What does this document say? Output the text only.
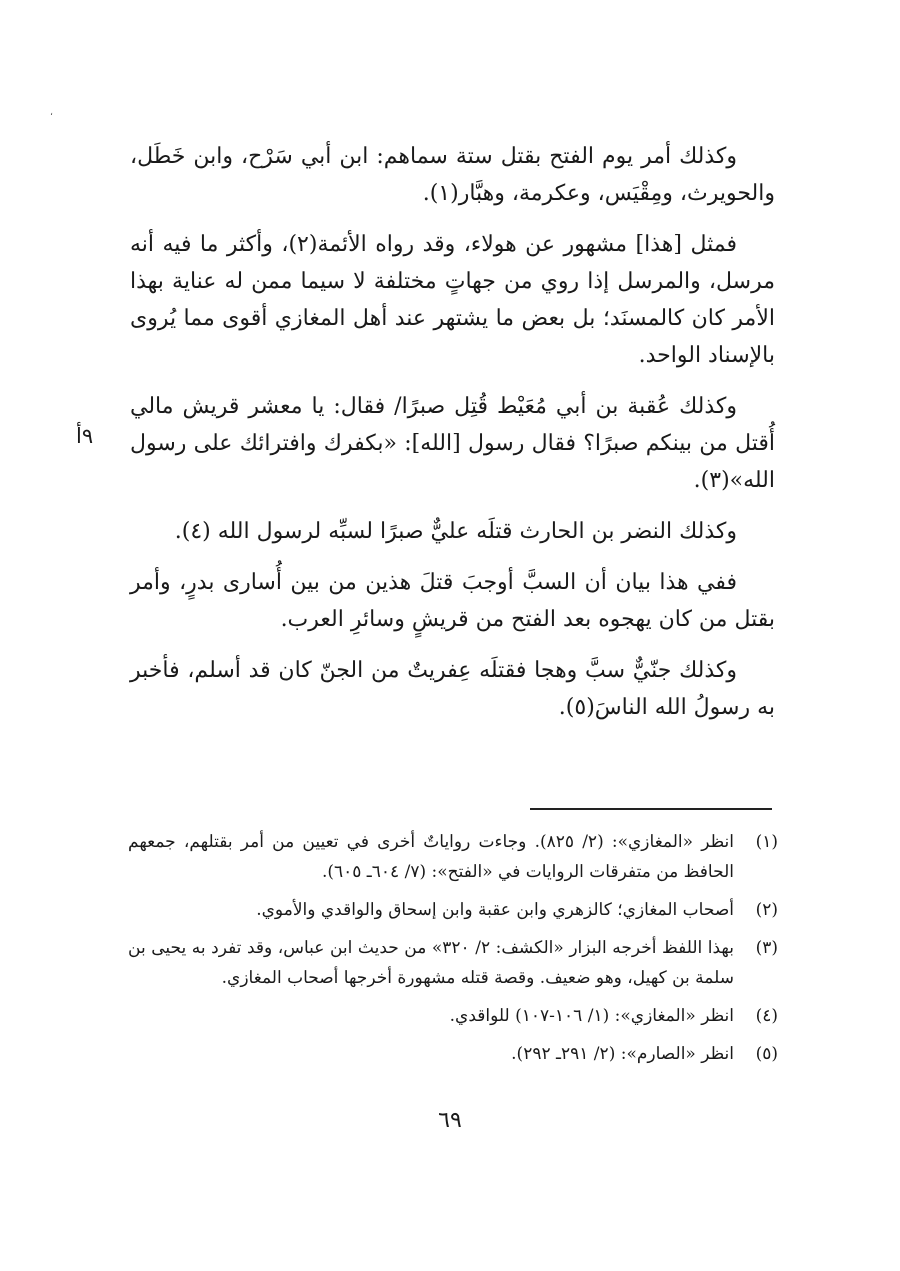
،
٩أ

وكذلك أمر يوم الفتح بقتل ستة سماهم: ابن أبي سَرْح، وابن خَطَل، والحويرث، ومِقْيَس، وعكرمة، وهبَّار(١).

فمثل [هذا] مشهور عن هولاء، وقد رواه الأئمة(٢)، وأكثر ما فيه أنه مرسل، والمرسل إذا روي من جهاتٍ مختلفة لا سيما ممن له عناية بهذا الأمر كان كالمسنَد؛ بل بعض ما يشتهر عند أهل المغازي أقوى مما يُروى بالإسناد الواحد.

وكذلك عُقبة بن أبي مُعَيْط قُتِل صبرًا/ فقال: يا معشر قريش مالي أُقتل من بينكم صبرًا؟ فقال رسول [الله]: «بكفرك وافترائك على رسول الله»(٣).

وكذلك النضر بن الحارث قتلَه عليٌّ صبرًا لسبِّه لرسول الله (٤).

ففي هذا بيان أن السبَّ أوجبَ قتلَ هذين من بين أُسارى بدرٍ، وأمر بقتل من كان يهجوه بعد الفتح من قريشٍ وسائرِ العرب.

وكذلك جنّيٌّ سبَّ وهجا فقتلَه عِفريتٌ من الجنّ كان قد أسلم، فأخبر به رسولُ الله الناسَ(٥).

(١)
انظر «المغازي»: (٢/ ٨٢٥). وجاءت رواياتٌ أخرى في تعيين من أمر بقتلهم، جمعهم الحافظ من متفرقات الروايات في «الفتح»: (٧/ ٦٠٤ـ ٦٠٥).
(٢)
أصحاب المغازي؛ كالزهري وابن عقبة وابن إسحاق والواقدي والأموي.
(٣)
بهذا اللفظ أخرجه البزار «الكشف: ٢/ ٣٢٠» من حديث ابن عباس، وقد تفرد به يحيى بن سلمة بن كهيل، وهو ضعيف. وقصة قتله مشهورة أخرجها أصحاب المغازي.
(٤)
انظر «المغازي»: (١/ ١٠٦-١٠٧) للواقدي.
(٥)
انظر «الصارم»: (٢/ ٢٩١ـ ٢٩٢).
٦٩
